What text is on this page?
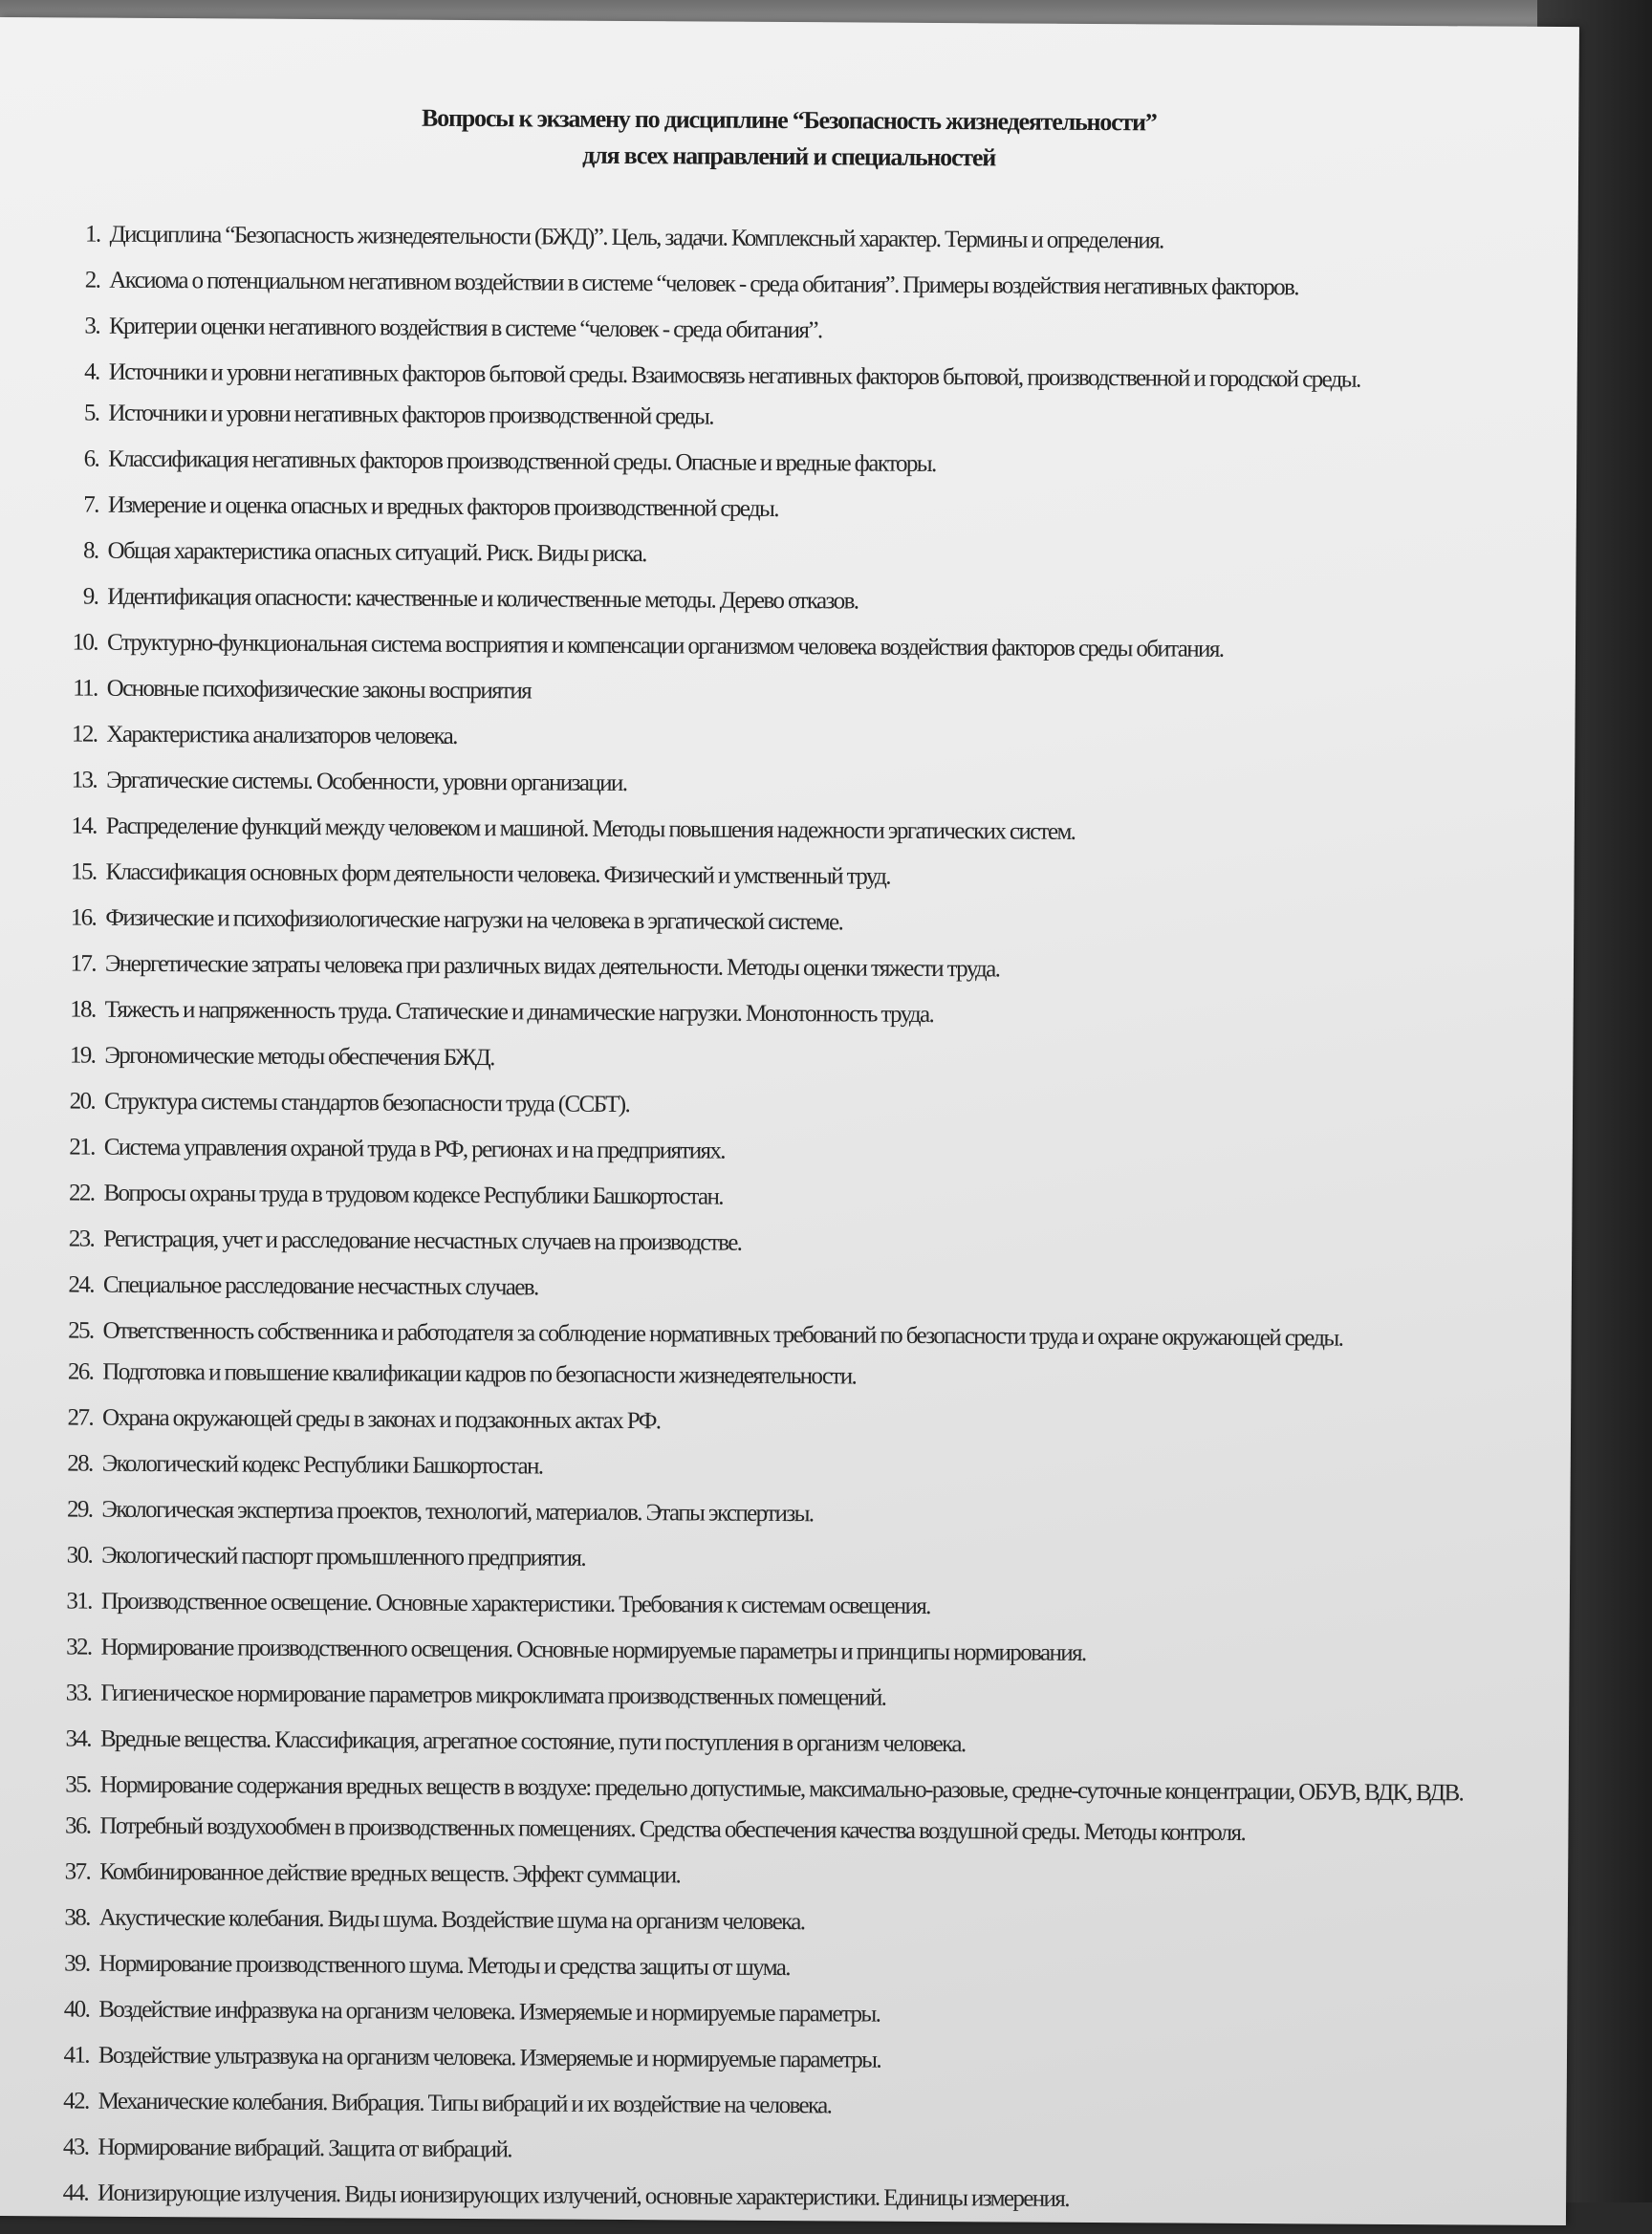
Вопросы к экзамену по дисциплине “Безопасность жизнедеятельности”
для всех направлений и специальностей
1. Дисциплина “Безопасность жизнедеятельности (БЖД)”. Цель, задачи. Комплексный характер. Термины и определения.
2. Аксиома о потенциальном негативном воздействии в системе “человек - среда обитания”. Примеры воздействия негативных факторов.
3. Критерии оценки негативного воздействия в системе “человек - среда обитания”.
4. Источники и уровни негативных факторов бытовой среды. Взаимосвязь негативных факторов бытовой, производственной и городской среды.
5. Источники и уровни негативных факторов производственной среды.
6. Классификация негативных факторов производственной среды. Опасные и вредные факторы.
7. Измерение и оценка опасных и вредных факторов производственной среды.
8. Общая характеристика опасных ситуаций. Риск. Виды риска.
9. Идентификация опасности: качественные и количественные методы. Дерево отказов.
10. Структурно-функциональная система восприятия и компенсации организмом человека воздействия факторов среды обитания.
11. Основные психофизические законы восприятия
12. Характеристика анализаторов человека.
13. Эргатические системы. Особенности, уровни организации.
14. Распределение функций между человеком и машиной. Методы повышения надежности эргатических систем.
15. Классификация основных форм деятельности человека. Физический и умственный труд.
16. Физические и психофизиологические нагрузки на человека в эргатической системе.
17. Энергетические затраты человека при различных видах деятельности. Методы оценки тяжести труда.
18. Тяжесть и напряженность труда. Статические и динамические нагрузки. Монотонность труда.
19. Эргономические методы обеспечения БЖД.
20. Структура системы стандартов безопасности труда (ССБТ).
21. Система управления охраной труда в РФ, регионах и на предприятиях.
22. Вопросы охраны труда в трудовом кодексе Республики Башкортостан.
23. Регистрация, учет и расследование несчастных случаев на производстве.
24. Специальное расследование несчастных случаев.
25. Ответственность собственника и работодателя за соблюдение нормативных требований по безопасности труда и охране окружающей среды.
26. Подготовка и повышение квалификации кадров по безопасности жизнедеятельности.
27. Охрана окружающей среды в законах и подзаконных актах РФ.
28. Экологический кодекс Республики Башкортостан.
29. Экологическая экспертиза проектов, технологий, материалов. Этапы экспертизы.
30. Экологический паспорт промышленного предприятия.
31. Производственное освещение. Основные характеристики. Требования к системам освещения.
32. Нормирование производственного освещения. Основные нормируемые параметры и принципы нормирования.
33. Гигиеническое нормирование параметров микроклимата производственных помещений.
34. Вредные вещества. Классификация, агрегатное состояние, пути поступления в организм человека.
35. Нормирование содержания вредных веществ в воздухе: предельно допустимые, максимально-разовые, средне-суточные концентрации, ОБУВ, ВДК, ВДВ.
36. Потребный воздухообмен в производственных помещениях. Средства обеспечения качества воздушной среды. Методы контроля.
37. Комбинированное действие вредных веществ. Эффект суммации.
38. Акустические колебания. Виды шума. Воздействие шума на организм человека.
39. Нормирование производственного шума. Методы и средства защиты от шума.
40. Воздействие инфразвука на организм человека. Измеряемые и нормируемые параметры.
41. Воздействие ультразвука на организм человека. Измеряемые и нормируемые параметры.
42. Механические колебания. Вибрация. Типы вибраций и их воздействие на человека.
43. Нормирование вибраций. Защита от вибраций.
44. Ионизирующие излучения. Виды ионизирующих излучений, основные характеристики. Единицы измерения.
